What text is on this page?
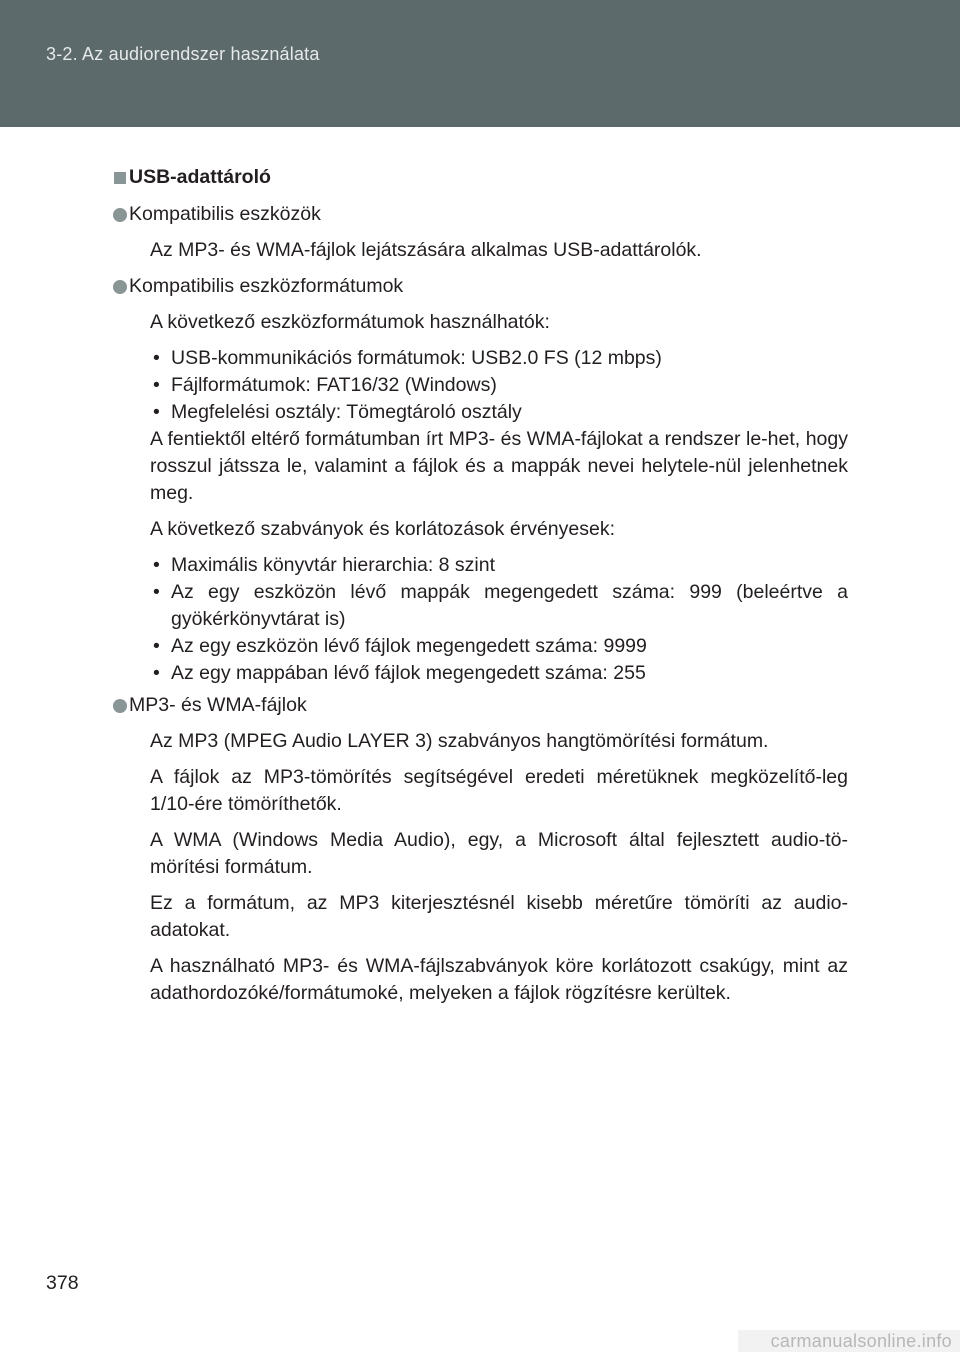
3-2. Az audiorendszer használata
USB-adattároló
Kompatibilis eszközök

Az MP3- és WMA-fájlok lejátszására alkalmas USB-adattárolók.

Kompatibilis eszközformátumok

A következő eszközformátumok használhatók:

• USB-kommunikációs formátumok: USB2.0 FS (12 mbps)
• Fájlformátumok: FAT16/32 (Windows)
• Megfelelési osztály: Tömegtároló osztály

A fentiektől eltérő formátumban írt MP3- és WMA-fájlokat a rendszer le-het, hogy rosszul játssza le, valamint a fájlok és a mappák nevei helytele-nül jelenhetnek meg.

A következő szabványok és korlátozások érvényesek:

• Maximális könyvtár hierarchia: 8 szint
• Az egy eszközön lévő mappák megengedett száma: 999 (beleértve a gyökérkönyvtárat is)
• Az egy eszközön lévő fájlok megengedett száma: 9999
• Az egy mappában lévő fájlok megengedett száma: 255
MP3- és WMA-fájlok

Az MP3 (MPEG Audio LAYER 3) szabványos hangtömörítési formátum.

A fájlok az MP3-tömörítés segítségével eredeti méretüknek megközelítő-leg 1/10-ére tömöríthetők.

A WMA (Windows Media Audio), egy, a Microsoft által fejlesztett audio-tö-mörítési formátum.

Ez a formátum, az MP3 kiterjesztésnél kisebb méretűre tömöríti az audio-adatokat.

A használható MP3- és WMA-fájlszabványok köre korlátozott csakúgy, mint az adathordozóké/formátumoké, melyeken a fájlok rögzítésre kerültek.

378
carmanualsonline.info
